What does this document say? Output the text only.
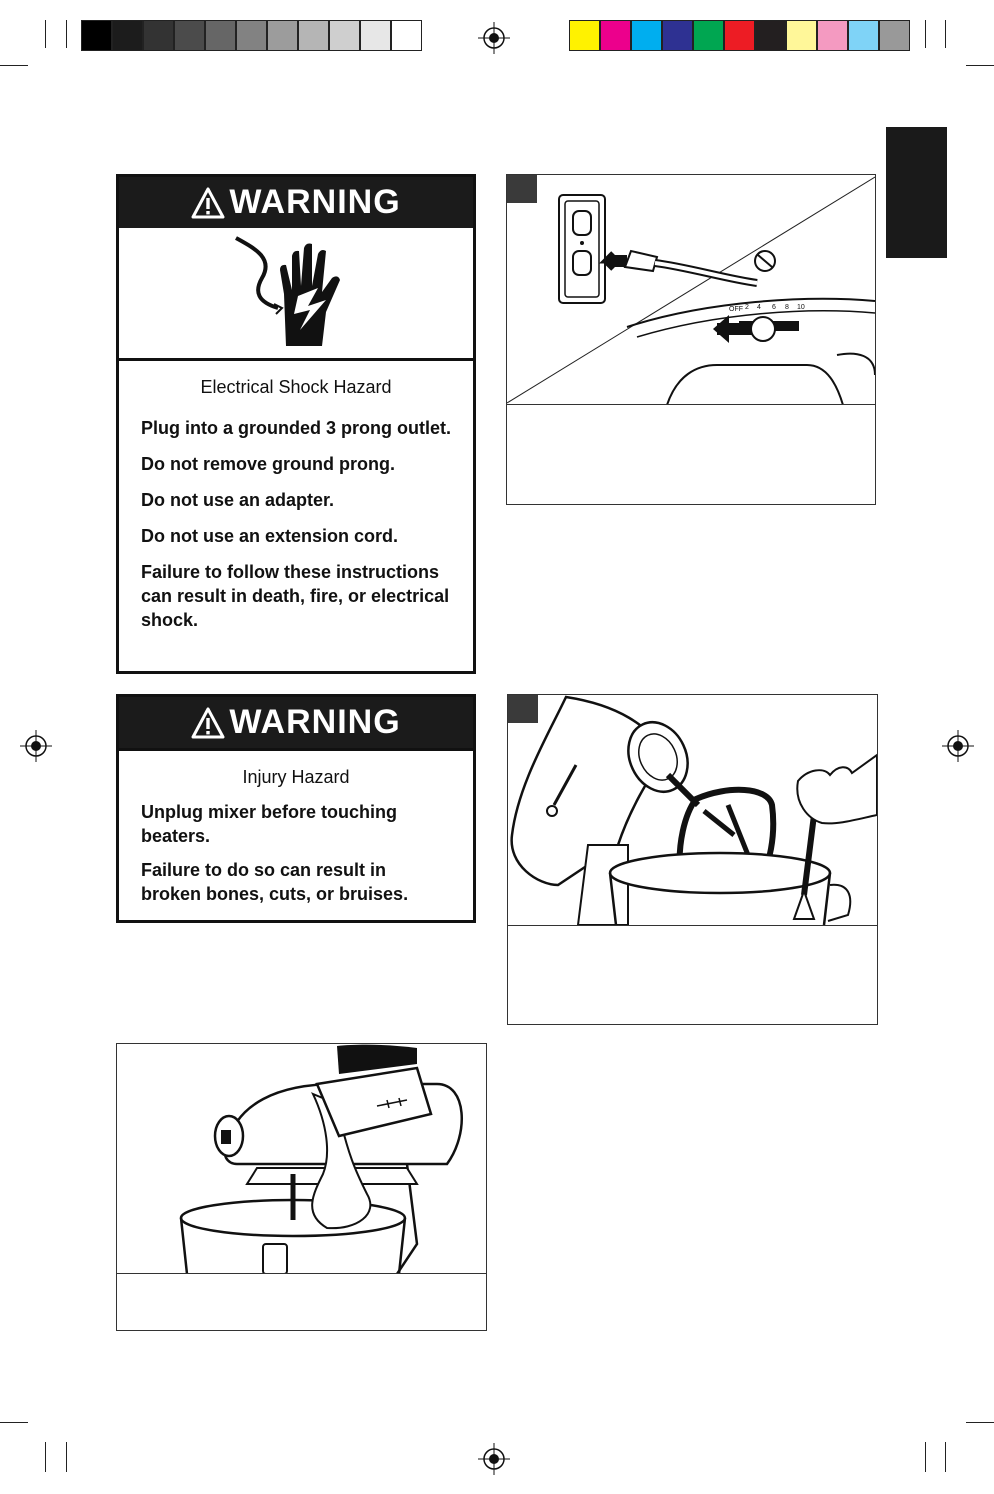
WARNING

Electrical Shock Hazard

Plug into a grounded 3 prong outlet.

Do not remove ground prong.

Do not use an adapter.

Do not use an extension cord.

Failure to follow these instructions can result in death, fire, or electrical shock.

WARNING

Injury Hazard

Unplug mixer before touching beaters.

Failure to do so can result in broken bones, cuts, or bruises.

OFF 2 4 6 8 10
